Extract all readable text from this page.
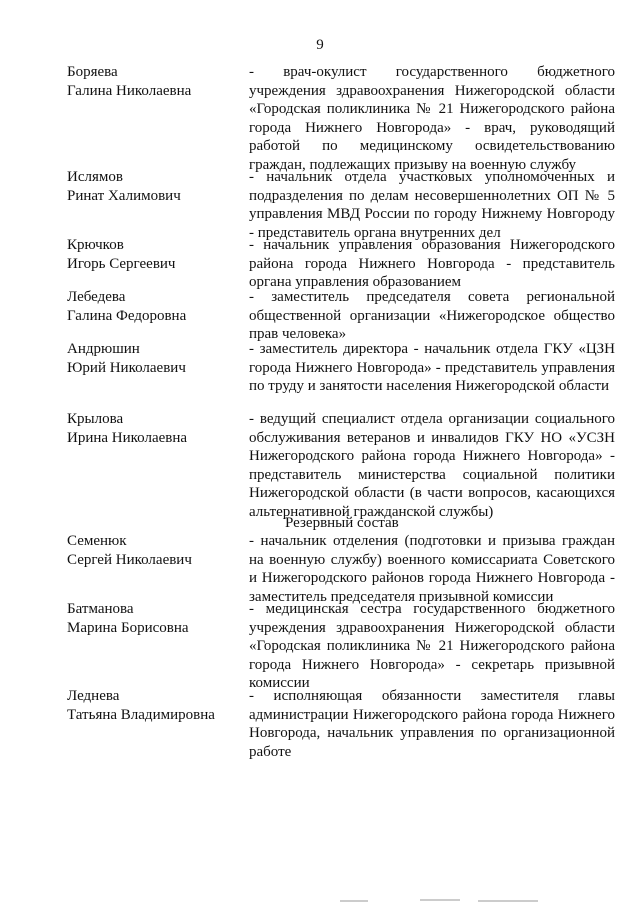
9
Боряева
Галина Николаевна
- врач-окулист государственного бюджетного учреждения здравоохранения Нижегородской области «Городская поликлиника № 21 Нижегородского района города Нижнего Новгорода» - врач, руководящий работой по медицинскому освидетельствованию граждан, подлежащих призыву на военную службу
Ислямов
Ринат Халимович
- начальник отдела участковых уполномоченных и подразделения по делам несовершеннолетних ОП № 5 управления МВД России по городу Нижнему Новгороду - представитель органа внутренних дел
Крючков
Игорь Сергеевич
- начальник управления образования Нижегородского района города Нижнего Новгорода - представитель органа управления образованием
Лебедева
Галина Федоровна
- заместитель председателя совета региональной общественной организации «Нижегородское общество прав человека»
Андрюшин
Юрий Николаевич
- заместитель директора - начальник отдела ГКУ «ЦЗН города Нижнего Новгорода» - представитель управления по труду и занятости населения Нижегородской области
Крылова
Ирина Николаевна
- ведущий специалист отдела организации социального обслуживания ветеранов и инвалидов ГКУ НО «УСЗН Нижегородского района города Нижнего Новгорода» - представитель министерства социальной политики Нижегородской области (в части вопросов, касающихся альтернативной гражданской службы)
Резервный состав
Семенюк
Сергей Николаевич
- начальник отделения (подготовки и призыва граждан на военную службу) военного комиссариата Советского и Нижегородского районов города Нижнего Новгорода - заместитель председателя призывной комиссии
Батманова
Марина Борисовна
- медицинская сестра государственного бюджетного учреждения здравоохранения Нижегородской области «Городская поликлиника № 21 Нижегородского района города Нижнего Новгорода» - секретарь призывной комиссии
Леднева
Татьяна Владимировна
- исполняющая обязанности заместителя главы администрации Нижегородского района города Нижнего Новгорода, начальник управления по организационной работе
